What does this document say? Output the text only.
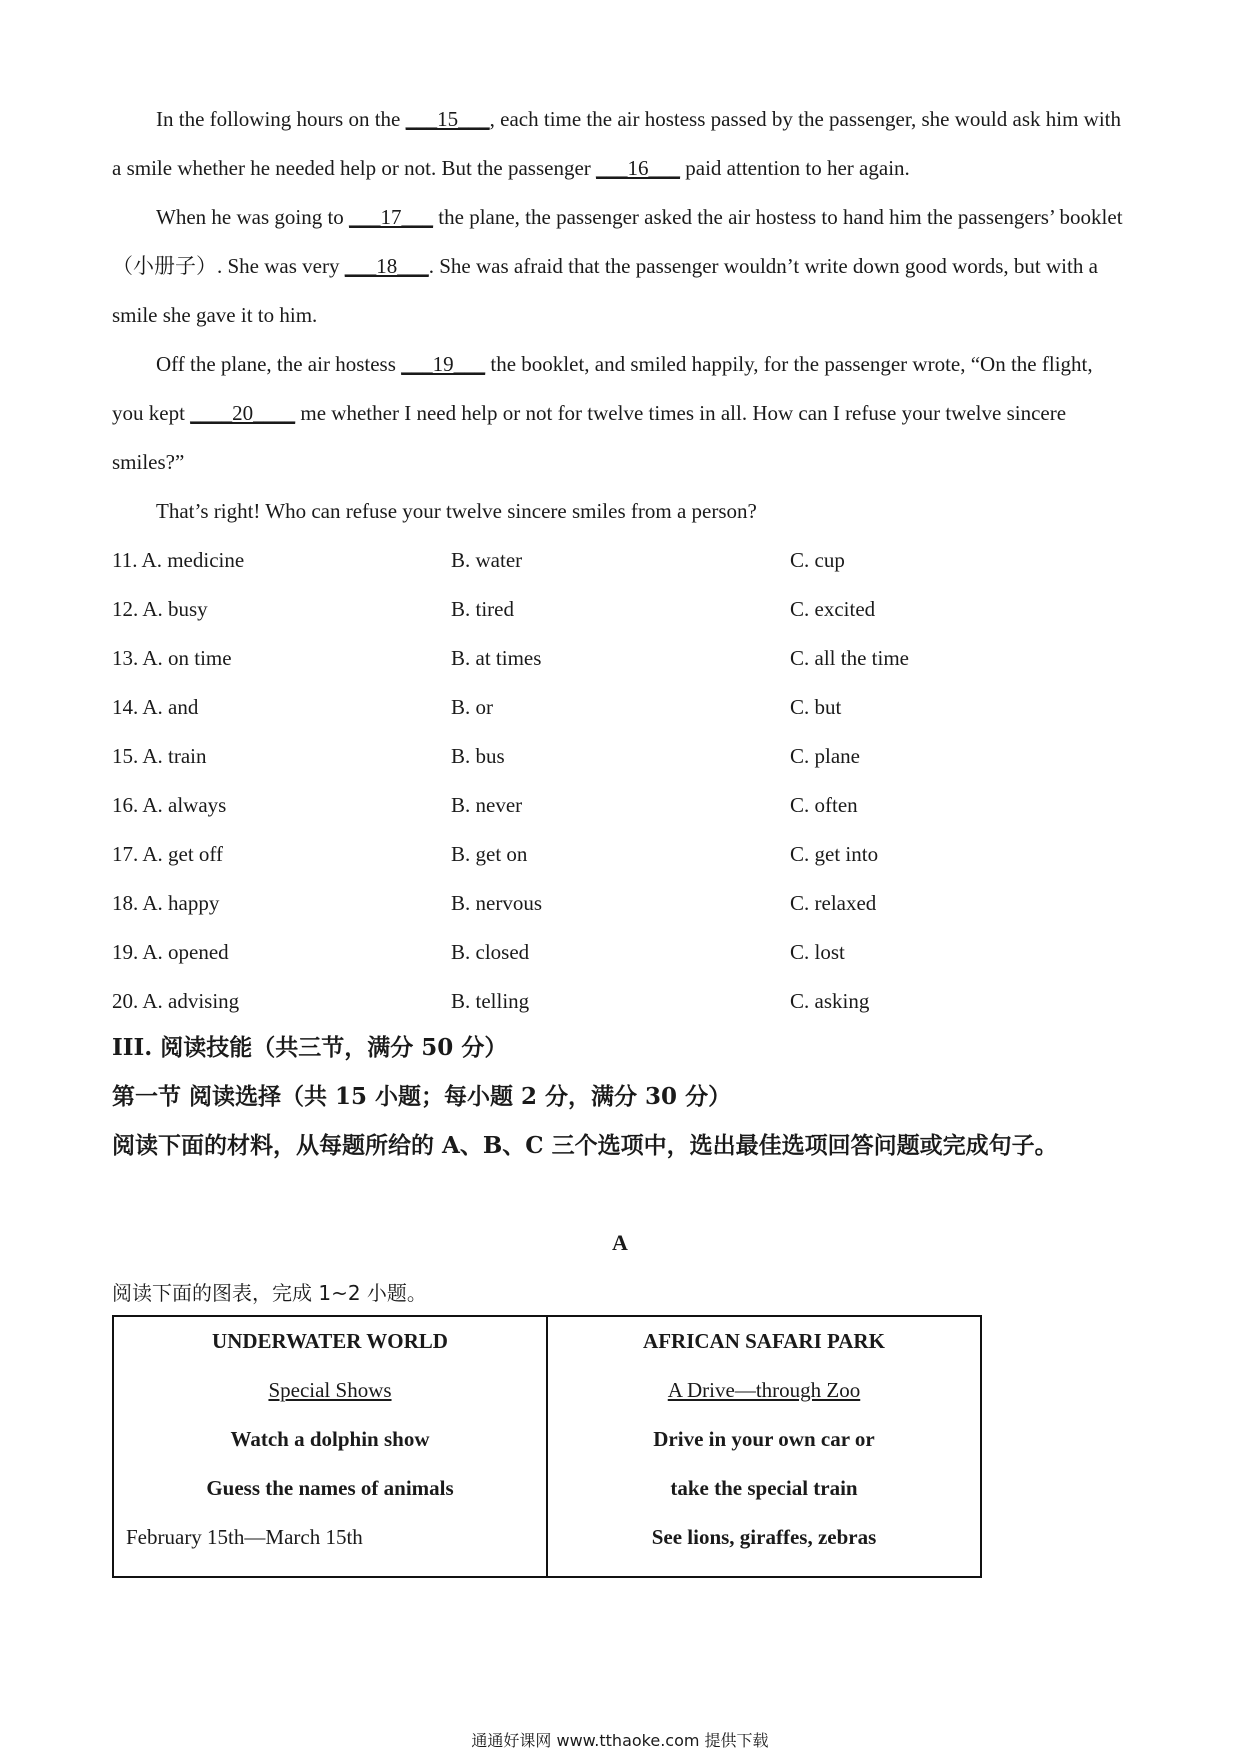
In the following hours on the ___15___, each time the air hostess passed by the passenger, she would ask him with a smile whether he needed help or not. But the passenger ___16___ paid attention to her again.

When he was going to ___17___ the plane, the passenger asked the air hostess to hand him the passengers’ booklet（小册子）. She was very ___18___. She was afraid that the passenger wouldn’t write down good words, but with a smile she gave it to him.

Off the plane, the air hostess ___19___ the booklet, and smiled happily, for the passenger wrote, “On the flight, you kept ____20____ me whether I need help or not for twelve times in all. How can I refuse your twelve sincere smiles?”

That’s right! Who can refuse your twelve sincere smiles from a person?

11. A. medicine	B. water	C. cup
12. A. busy	B. tired	C. excited
13. A. on time	B. at times	C. all the time
14. A. and	B. or	C. but
15. A. train	B. bus	C. plane
16. A. always	B. never	C. often
17. A. get off	B. get on	C. get into
18. A. happy	B. nervous	C. relaxed
19. A. opened	B. closed	C. lost
20. A. advising	B. telling	C. asking

III. 阅读技能（共三节，满分 50 分）

第一节 阅读选择（共 15 小题；每小题 2 分，满分 30 分）

阅读下面的材料，从每题所给的 A、B、C 三个选项中，选出最佳选项回答问题或完成句子。

A
阅读下面的图表，完成 1~2 小题。
UNDERWATER WORLD
Special Shows
Watch a dolphin show
Guess the names of animals
February 15th—March 15th

AFRICAN SAFARI PARK
A Drive—through Zoo
Drive in your own car or
take the special train
See lions, giraffes, zebras
通通好课网 www.tthaoke.com 提供下载
